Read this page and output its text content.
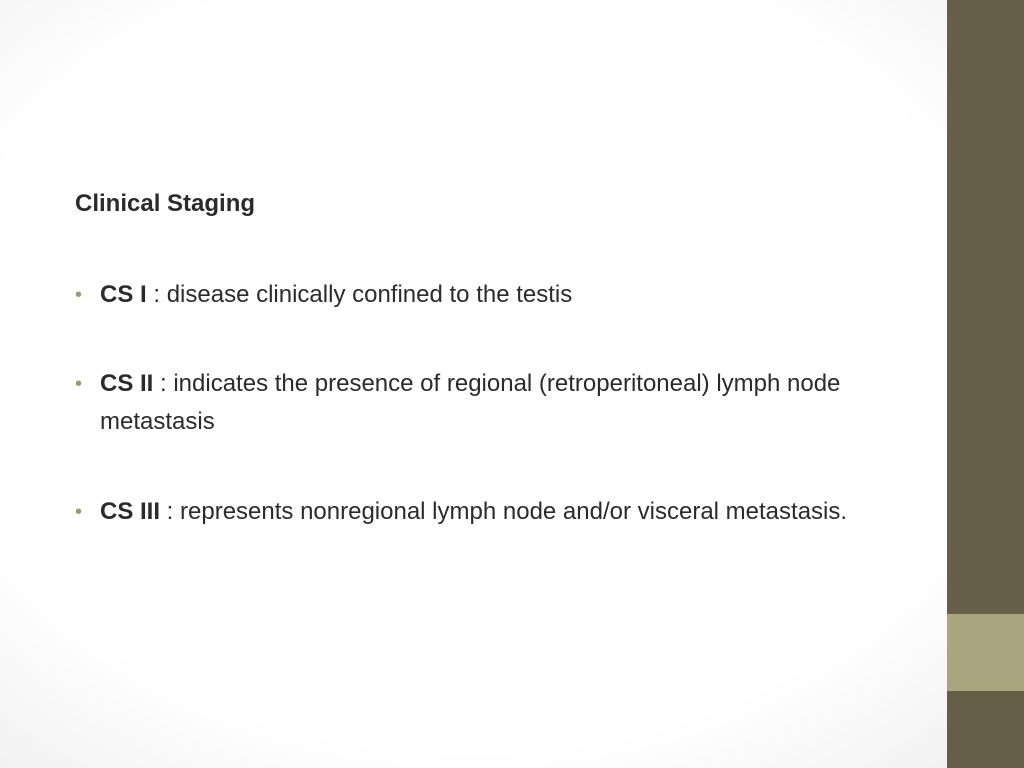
Clinical Staging
• CS I : disease clinically confined to the testis
• CS II : indicates the presence of regional (retroperitoneal) lymph node metastasis
• CS III : represents nonregional lymph node and/or visceral metastasis.
